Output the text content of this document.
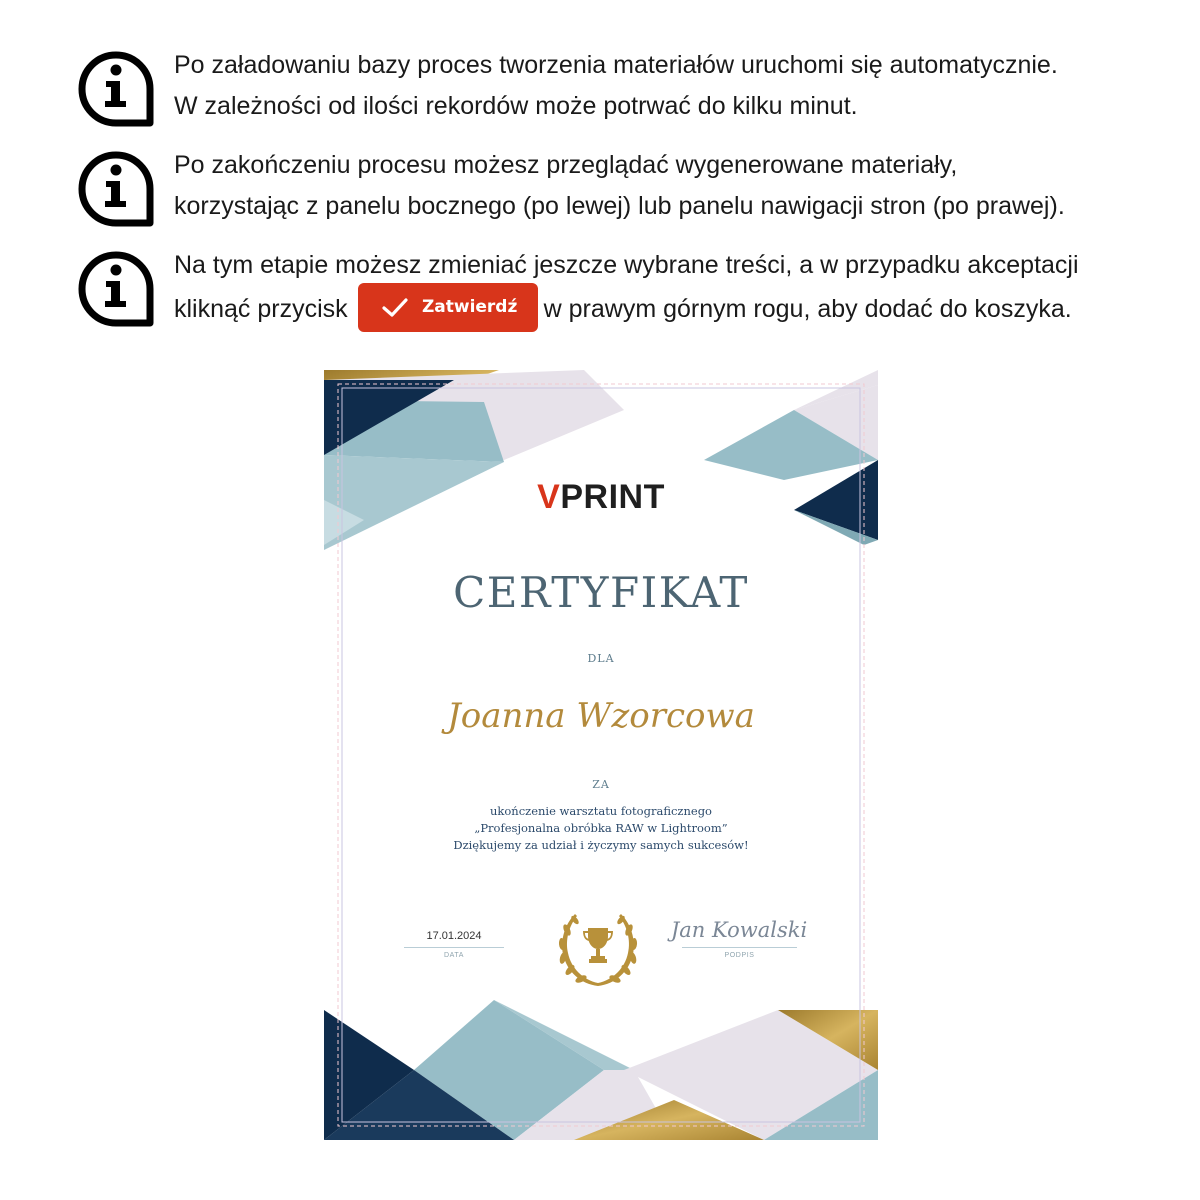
Po załadowaniu bazy proces tworzenia materiałów uruchomi się automatycznie.
W zależności od ilości rekordów może potrwać do kilku minut.
Po zakończeniu procesu możesz przeglądać wygenerowane materiały,
korzystając z panelu bocznego (po lewej) lub panelu nawigacji stron (po prawej).
Na tym etapie możesz zmieniać jeszcze wybrane treści, a w przypadku akceptacji
kliknąć przycisk	Zatwierdź w prawym górnym rogu, aby dodać do koszyka.
VPRINT
CERTYFIKAT
DLA
Joanna Wzorcowa
ZA
ukończenie warsztatu fotograficznego
„Profesjonalna obróbka RAW w Lightroom”
Dziękujemy za udział i życzymy samych sukcesów!
17.01.2024
DATA
Jan Kowalski
PODPIS
